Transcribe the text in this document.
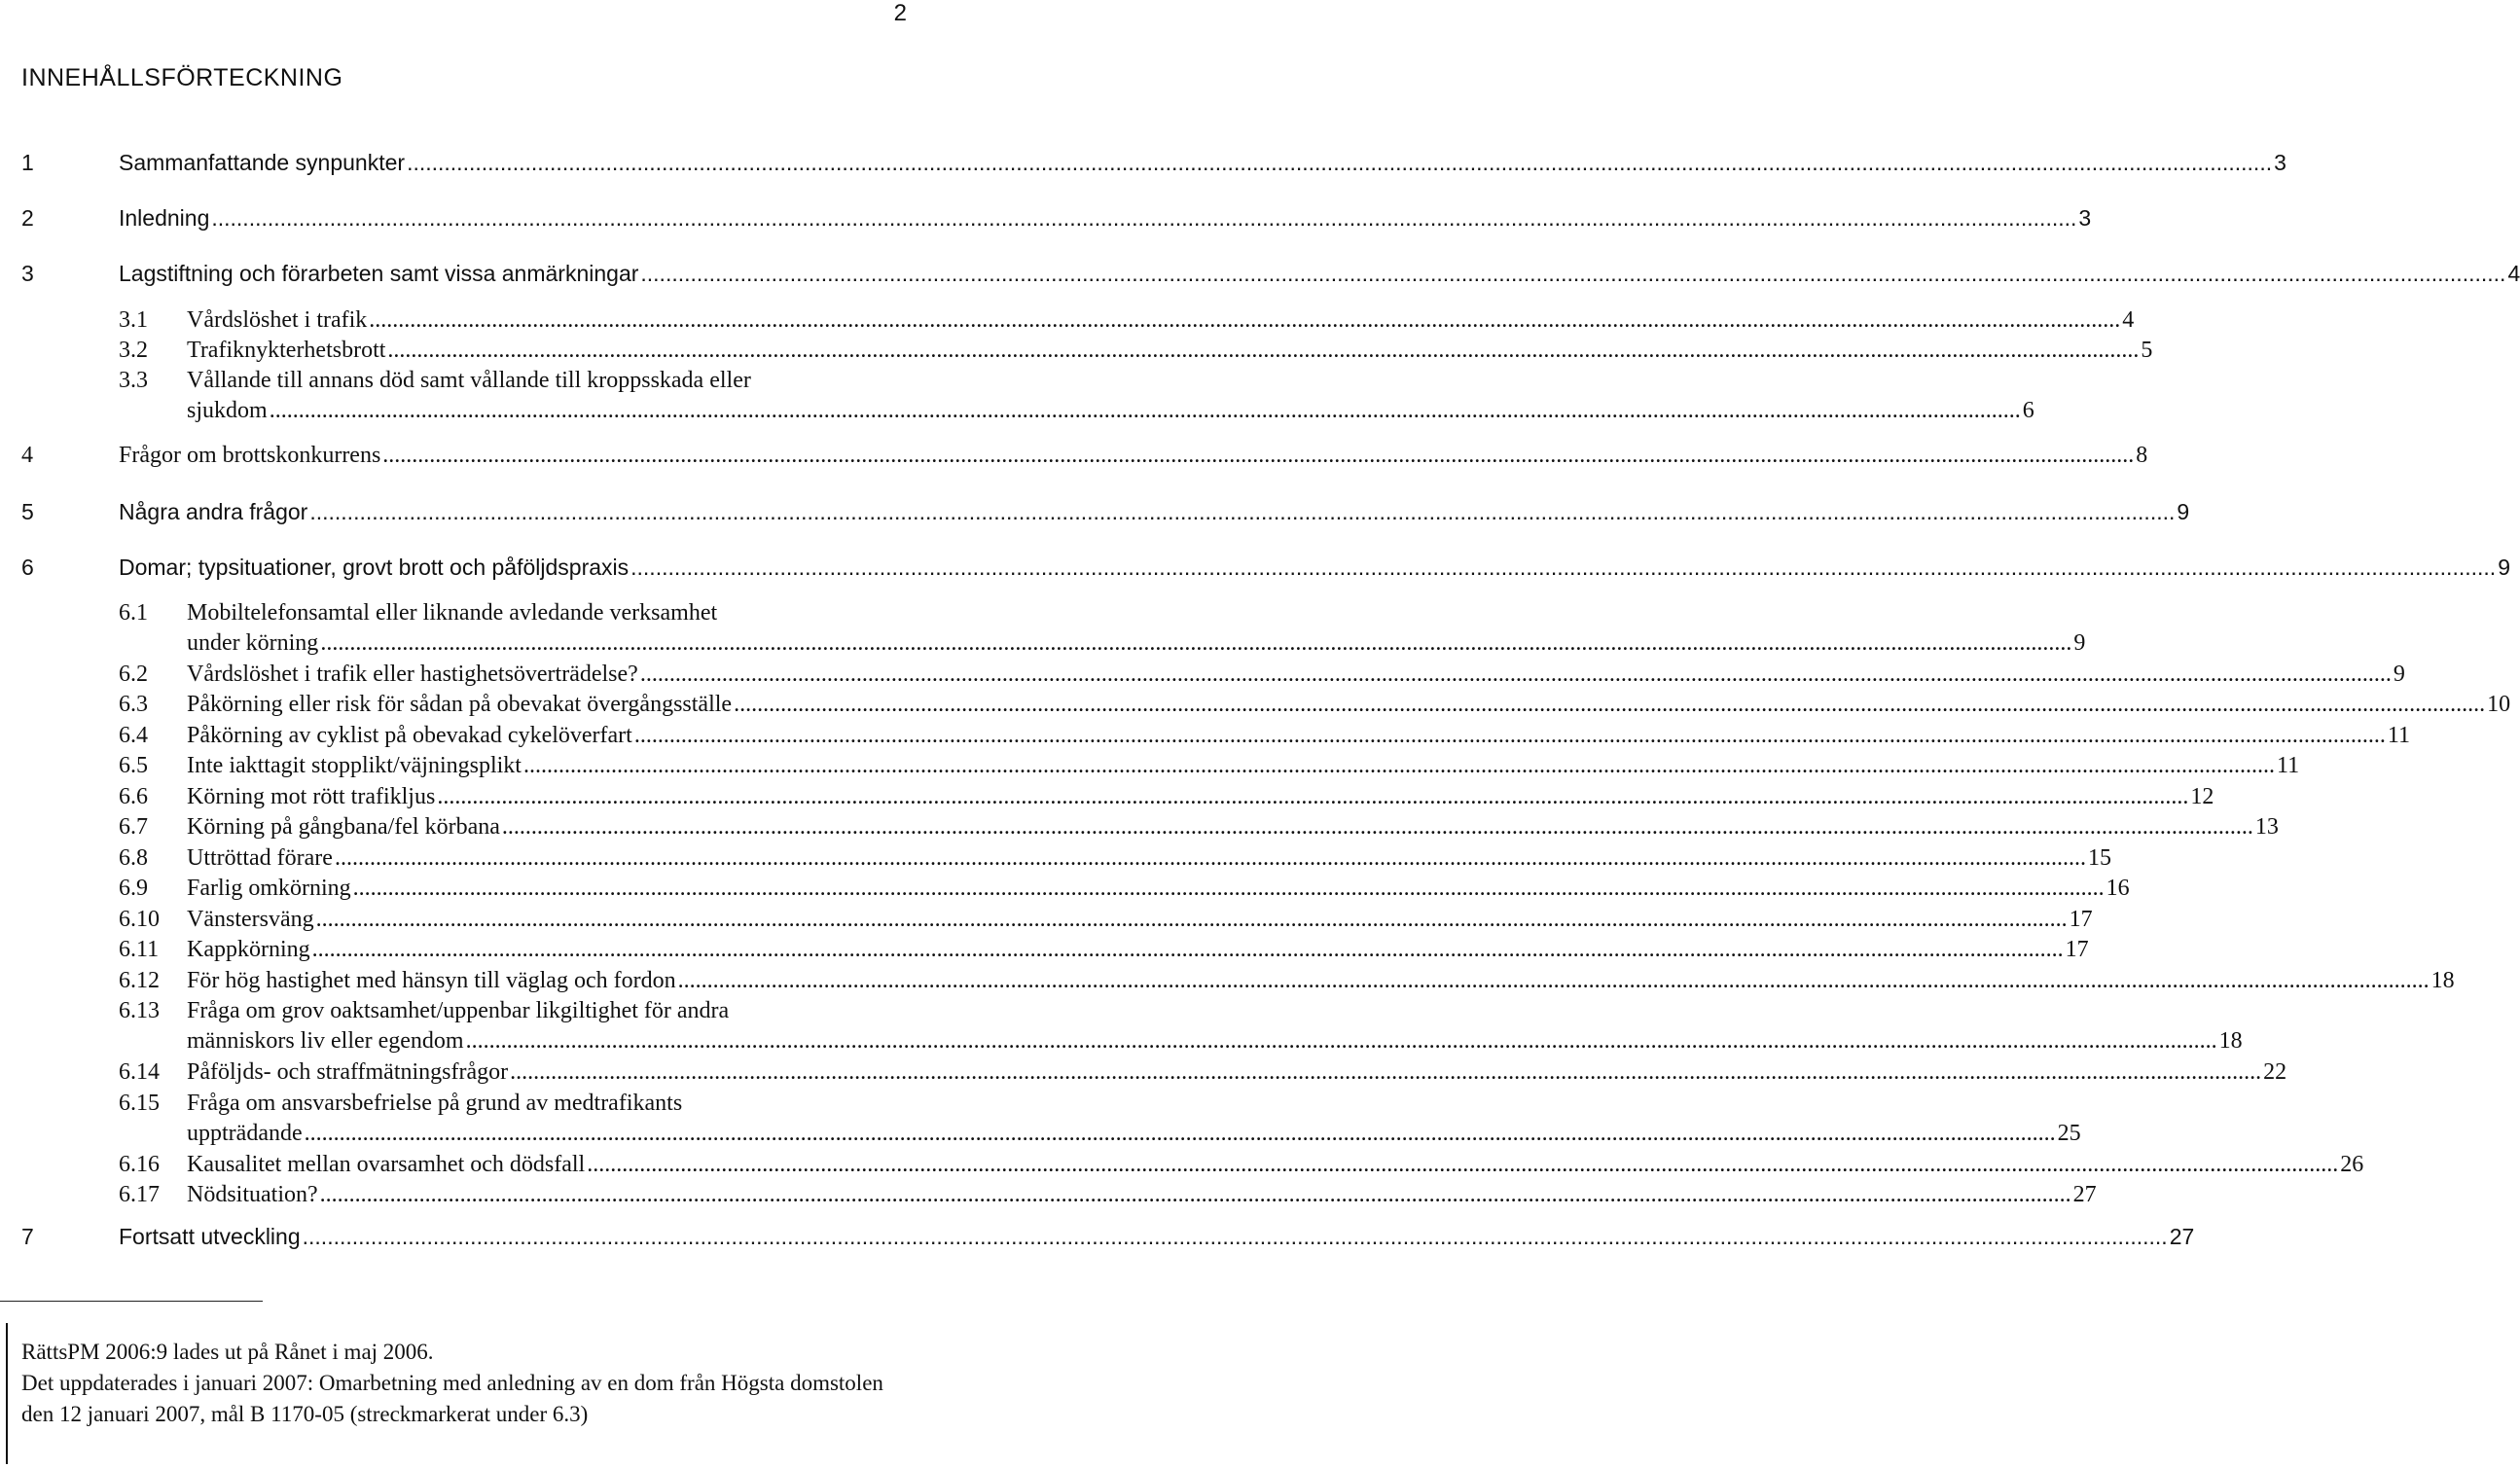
2
INNEHÅLLSFÖRTECKNING
1	Sammanfattande synpunkter ............................................................................................................................................................................................................................................................................................................ 3
2	Inledning ............................................................................................................................................................................................................................................................................................................ 3
3	Lagstiftning och förarbeten samt vissa anmärkningar ............................................................................................................................................................................................................................................................................................................ 4
3.1 Vårdslöshet i trafik ............................................................................................................................................................................................................................................................................................................ 4
3.2 Trafiknykterhetsbrott ............................................................................................................................................................................................................................................................................................................ 5
3.3 Vållande till annans död samt vållande till kroppsskada eller
sjukdom ............................................................................................................................................................................................................................................................................................................ 6
4	Frågor om brottskonkurrens ............................................................................................................................................................................................................................................................................................................ 8
5	Några andra frågor ............................................................................................................................................................................................................................................................................................................ 9
6	Domar; typsituationer, grovt brott och påföljdspraxis ............................................................................................................................................................................................................................................................................................................ 9
6.1 Mobiltelefonsamtal eller liknande avledande verksamhet
under körning ............................................................................................................................................................................................................................................................................................................ 9
6.2 Vårdslöshet i trafik eller hastighetsöverträdelse? ............................................................................................................................................................................................................................................................................................................ 9
6.3 Påkörning eller risk för sådan på obevakat övergångsställe ............................................................................................................................................................................................................................................................................................................ 10
6.4 Påkörning av cyklist på obevakad cykelöverfart ............................................................................................................................................................................................................................................................................................................ 11
6.5 Inte iakttagit stopplikt/väjningsplikt ............................................................................................................................................................................................................................................................................................................ 11
6.6 Körning mot rött trafikljus ............................................................................................................................................................................................................................................................................................................ 12
6.7 Körning på gångbana/fel körbana ............................................................................................................................................................................................................................................................................................................ 13
6.8 Uttröttad förare ............................................................................................................................................................................................................................................................................................................ 15
6.9 Farlig omkörning ............................................................................................................................................................................................................................................................................................................ 16
6.10 Vänstersväng ............................................................................................................................................................................................................................................................................................................ 17
6.11 Kappkörning ............................................................................................................................................................................................................................................................................................................ 17
6.12 För hög hastighet med hänsyn till väglag och fordon ............................................................................................................................................................................................................................................................................................................ 18
6.13 Fråga om grov oaktsamhet/uppenbar likgiltighet för andra
människors liv eller egendom ............................................................................................................................................................................................................................................................................................................ 18
6.14 Påföljds- och straffmätningsfrågor ............................................................................................................................................................................................................................................................................................................ 22
6.15 Fråga om ansvarsbefrielse på grund av medtrafikants
uppträdande ............................................................................................................................................................................................................................................................................................................ 25
6.16 Kausalitet mellan ovarsamhet och dödsfall ............................................................................................................................................................................................................................................................................................................ 26
6.17 Nödsituation? ............................................................................................................................................................................................................................................................................................................ 27
7	Fortsatt utveckling ............................................................................................................................................................................................................................................................................................................ 27

RättsPM 2006:9 lades ut på Rånet i maj 2006.

Det uppdaterades i januari 2007: Omarbetning med anledning av en dom från Högsta domstolen den 12 januari 2007, mål B 1170-05 (streckmarkerat under 6.3)
